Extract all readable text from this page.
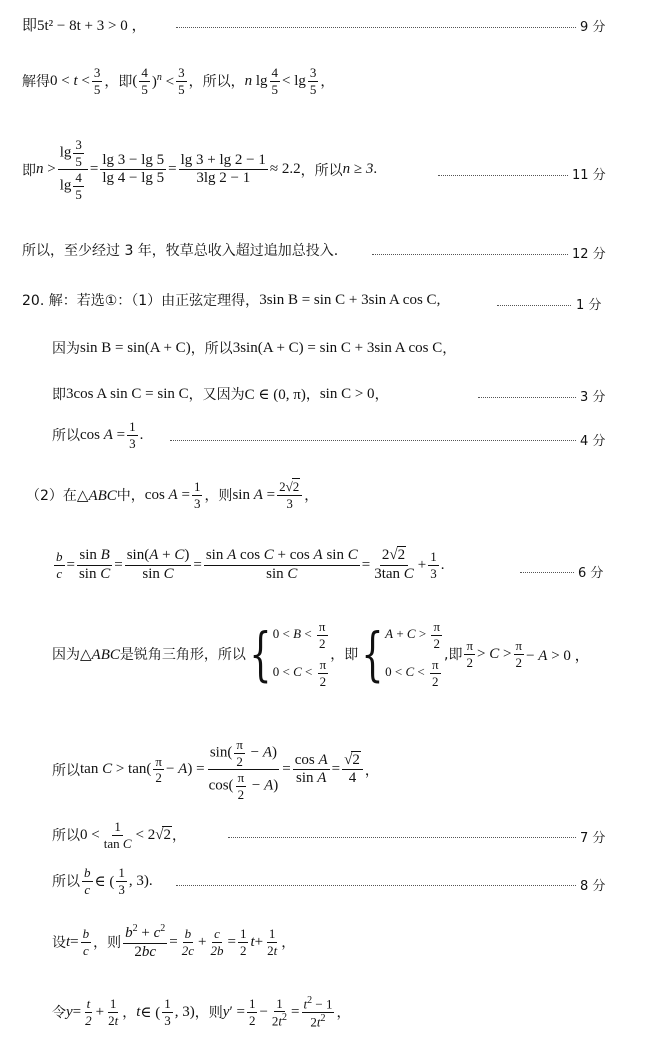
即5t² − 8t + 3 > 0 ，	9 分
解得 $0 < t < \frac{3}{5}$ ，即 ( $\frac{4}{5} )^n < \frac{3}{5}$ ，所以， n $\lg \frac{4}{5} < \lg \frac{3}{5}$ ，
即 $n > \frac{\lg \frac{3}{5}}{\lg \frac{4}{5}} = \frac{\lg 3 - \lg 5}{\lg 4 - \lg 5} = \frac{\lg 3 + \lg 2 - 1}{3\lg 2 - 1} \approx 2.2$ ，所以 n ≥ 3 .	11 分
所以，至少经过 3 年，牧草总收入超过追加总投入.	12 分
20. 解：若选①：（1）由正弦定理得， 3sin B = sin C + 3sin A cos C ,	1 分
因为 sin B = sin(A + C) ，所以 3sin(A + C) = sin C + 3sin A cos C ，
即 3cos A sin C = sin C ，又因为 C ∈ (0, π) ， sin C > 0 ，	3 分
所以 $\cos A = \frac{1}{3}$ .	4 分
（2）在 △ABC 中， $\cos A = \frac{1}{3}$ ，则 $\sin A = \frac{2√2}{3}$ ，
$\frac{b}{c} = \frac{\text{sin B}}{\text{sin C}} = \frac{\sin(A + C)}{\text{sin C}} = \frac{\text{sin A cos C + cos A sin C}}{\text{sin C}} = \frac{2√2}{\text{3tan C}} + \frac{1}{3}$ .
6 分
因为 △ABC 是锐角三角形，所以 { $0 < B < \frac{\pi}{2}$
$0 < C < \frac{\pi}{2}$
，即 { $A + C > \frac{\pi}{2}$
$0 < C < \frac{\pi}{2}$
,即 $\frac{\pi}{2} > C > \frac{\pi}{2} - A > 0$ ，
所以 $\tan C > \tan( \frac{\pi}{2} - A) = \frac{\sin( \frac{\pi}{2} - A)}{\cos( \frac{\pi}{2} - A)} = \frac{\text{cos A}}{\text{sin A}} = \frac{√2}{4}$ ，
所以 $0 < \frac{1}{\text{tan C}} < 2√2$ ，	7 分
所以 $\frac{b}{c}$ ∈ ( $\frac{1}{3}$ , 3).	8 分
设 $t = \frac{b}{c}$ ，则 $\frac{b^2 + c^2}{2bc} = \frac{b}{2c} + \frac{c}{2b} = \frac{1}{2}$ $t + \frac{1}{2t}$ ，
令 $y = \frac{t}{2} + \frac{1}{2t}$ ， t ∈ ( $\frac{1}{3}$ , 3) ，则 y ′ = $\frac{1}{2} - \frac{1}{2t^2} = \frac{t^2 - 1}{2t^2}$ ，
